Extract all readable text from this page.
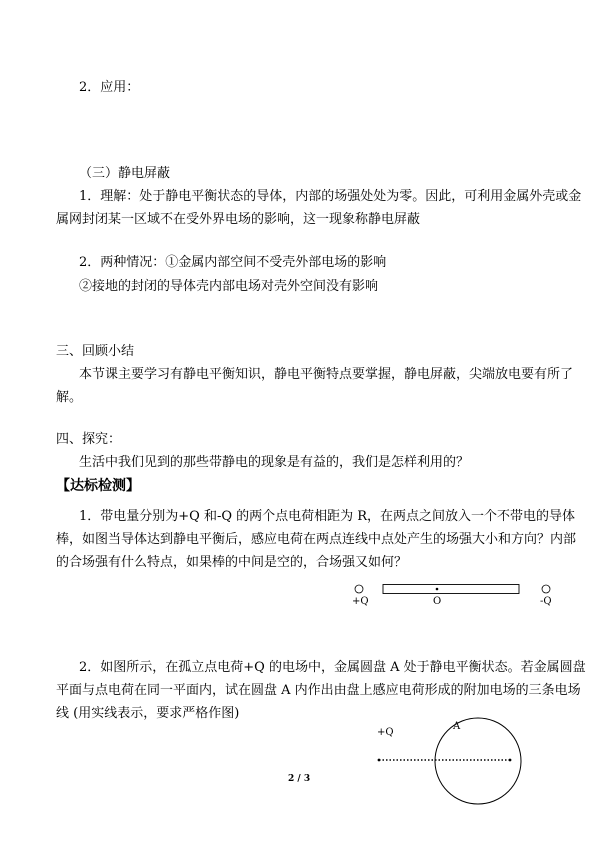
2．应用：
（三）静电屏蔽
1．理解：处于静电平衡状态的导体，内部的场强处处为零。因此，可利用金属外壳或金
属网封闭某一区域不在受外界电场的影响，这一现象称静电屏蔽
2．两种情况：①金属内部空间不受壳外部电场的影响
②接地的封闭的导体壳内部电场对壳外空间没有影响
三、回顾小结
本节课主要学习有静电平衡知识，静电平衡特点要掌握，静电屏蔽，尖端放电要有所了
解。
四、探究：
生活中我们见到的那些带静电的现象是有益的，我们是怎样利用的？
【达标检测】
1．带电量分别为+Q 和-Q 的两个点电荷相距为 R，在两点之间放入一个不带电的导体
棒，如图当导体达到静电平衡后，感应电荷在两点连线中点处产生的场强大小和方向？内部
的合场强有什么特点，如果棒的中间是空的，合场强又如何？
+Q	O	-Q
2．如图所示，在孤立点电荷+Q 的电场中，金属圆盘 A 处于静电平衡状态。若金属圆盘
平面与点电荷在同一平面内，试在圆盘 A 内作出由盘上感应电荷形成的附加电场的三条电场
线 (用实线表示，要求严格作图)
+Q
A
2 / 3
